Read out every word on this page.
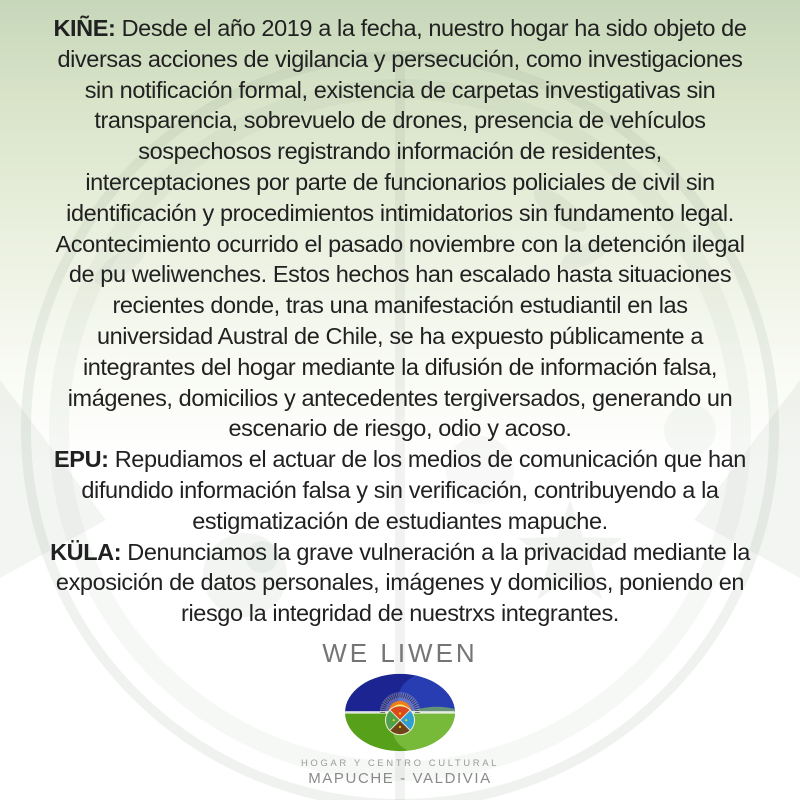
KIÑE: Desde el año 2019 a la fecha, nuestro hogar ha sido objeto de
diversas acciones de vigilancia y persecución, como investigaciones
sin notificación formal, existencia de carpetas investigativas sin
transparencia, sobrevuelo de drones, presencia de vehículos
sospechosos registrando información de residentes,
interceptaciones por parte de funcionarios policiales de civil sin
identificación y procedimientos intimidatorios sin fundamento legal.
Acontecimiento ocurrido el pasado noviembre con la detención ilegal
de pu weliwenches. Estos hechos han escalado hasta situaciones
recientes donde, tras una manifestación estudiantil en las
universidad Austral de Chile, se ha expuesto públicamente a
integrantes del hogar mediante la difusión de información falsa,
imágenes, domicilios y antecedentes tergiversados, generando un
escenario de riesgo, odio y acoso.
EPU: Repudiamos el actuar de los medios de comunicación que han
difundido información falsa y sin verificación, contribuyendo a la
estigmatización de estudiantes mapuche.
KÜLA: Denunciamos la grave vulneración a la privacidad mediante la
exposición de datos personales, imágenes y domicilios, poniendo en
riesgo la integridad de nuestrxs integrantes.
WE LIWEN
HOGAR Y CENTRO CULTURAL
MAPUCHE - VALDIVIA
